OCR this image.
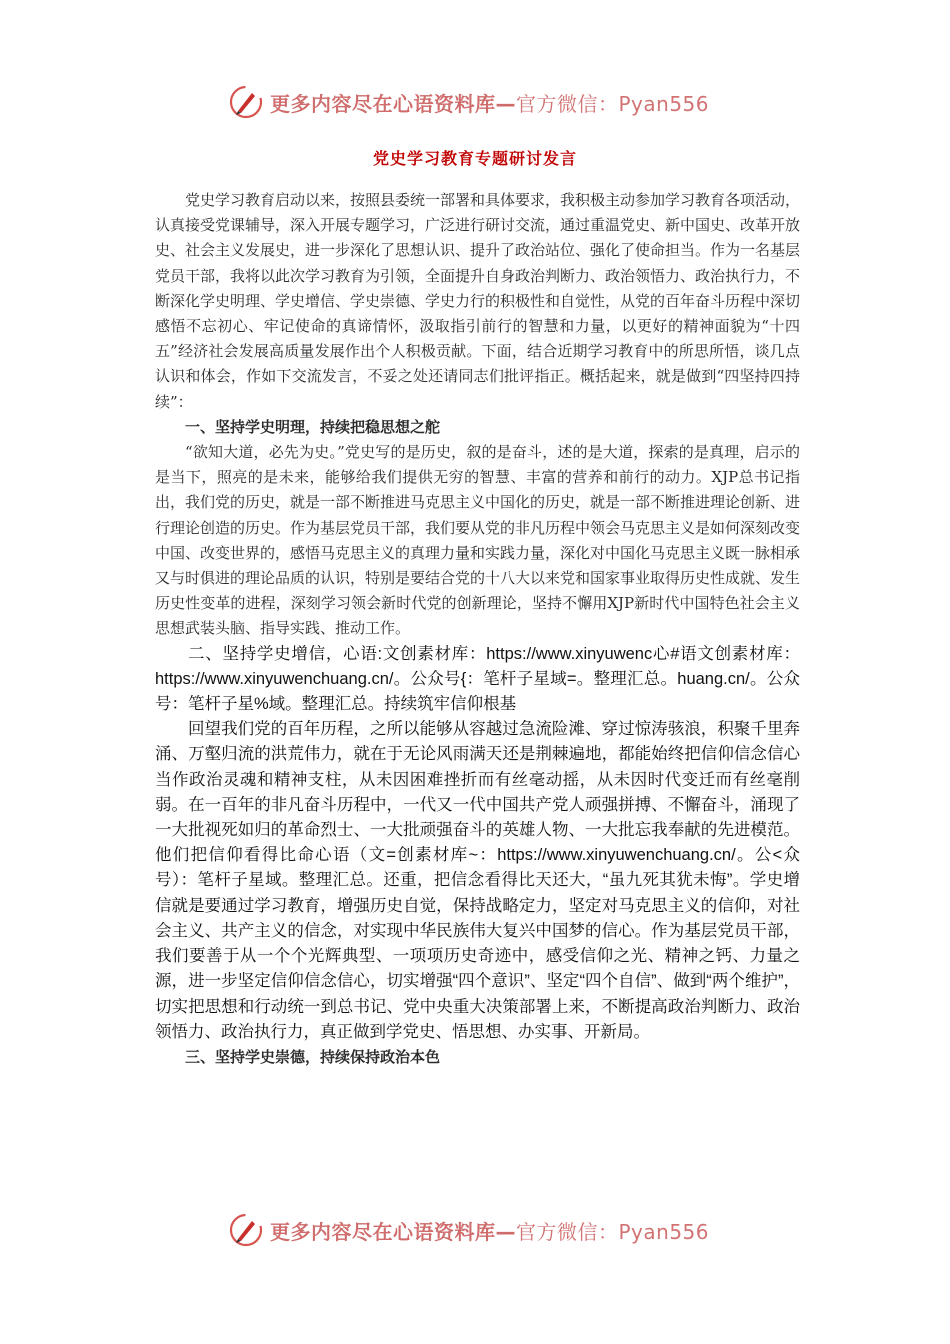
更多内容尽在心语资料库—官方微信：Pyan556
党史学习教育专题研讨发言

党史学习教育启动以来，按照县委统一部署和具体要求，我积极主动参加学习教育各项活动，认真接受党课辅导，深入开展专题学习，广泛进行研讨交流，通过重温党史、新中国史、改革开放史、社会主义发展史，进一步深化了思想认识、提升了政治站位、强化了使命担当。作为一名基层党员干部，我将以此次学习教育为引领，全面提升自身政治判断力、政治领悟力、政治执行力，不断深化学史明理、学史增信、学史崇德、学史力行的积极性和自觉性，从党的百年奋斗历程中深切感悟不忘初心、牢记使命的真谛情怀，汲取指引前行的智慧和力量，以更好的精神面貌为“十四五”经济社会发展高质量发展作出个人积极贡献。下面，结合近期学习教育中的所思所悟，谈几点认识和体会，作如下交流发言，不妥之处还请同志们批评指正。概括起来，就是做到“四坚持四持续”：

一、坚持学史明理，持续把稳思想之舵

“欲知大道，必先为史。”党史写的是历史，叙的是奋斗，述的是大道，探索的是真理，启示的是当下，照亮的是未来，能够给我们提供无穷的智慧、丰富的营养和前行的动力。XJP总书记指出，我们党的历史，就是一部不断推进马克思主义中国化的历史，就是一部不断推进理论创新、进行理论创造的历史。作为基层党员干部，我们要从党的非凡历程中领会马克思主义是如何深刻改变中国、改变世界的，感悟马克思主义的真理力量和实践力量，深化对中国化马克思主义既一脉相承又与时俱进的理论品质的认识，特别是要结合党的十八大以来党和国家事业取得历史性成就、发生历史性变革的进程，深刻学习领会新时代党的创新理论，坚持不懈用XJP新时代中国特色社会主义思想武装头脑、指导实践、推动工作。

二、坚持学史增信，心语:文创素材库：https://www.xinyuwenc心#语文创素材库：https://www.xinyuwenchuang.cn/。公众号{：笔杆子星域=。整理汇总。huang.cn/。公众号：笔杆子星%域。整理汇总。持续筑牢信仰根基

回望我们党的百年历程，之所以能够从容越过急流险滩、穿过惊涛骇浪，积聚千里奔涌、万壑归流的洪荒伟力，就在于无论风雨满天还是荆棘遍地，都能始终把信仰信念信心当作政治灵魂和精神支柱，从未因困难挫折而有丝毫动摇，从未因时代变迁而有丝毫削弱。在一百年的非凡奋斗历程中，一代又一代中国共产党人顽强拼搏、不懈奋斗，涌现了一大批视死如归的革命烈士、一大批顽强奋斗的英雄人物、一大批忘我奉献的先进模范。他们把信仰看得比命心语（文=创素材库~：https://www.xinyuwenchuang.cn/。公<众号）：笔杆子星域。整理汇总。还重，把信念看得比天还大，“虽九死其犹未悔”。学史增信就是要通过学习教育，增强历史自觉，保持战略定力，坚定对马克思主义的信仰，对社会主义、共产主义的信念，对实现中华民族伟大复兴中国梦的信心。作为基层党员干部，我们要善于从一个个光辉典型、一项项历史奇迹中，感受信仰之光、精神之钙、力量之源，进一步坚定信仰信念信心，切实增强“四个意识”、坚定“四个自信”、做到“两个维护”，切实把思想和行动统一到总书记、党中央重大决策部署上来，不断提高政治判断力、政治领悟力、政治执行力，真正做到学党史、悟思想、办实事、开新局。

三、坚持学史崇德，持续保持政治本色

更多内容尽在心语资料库—官方微信：Pyan556
